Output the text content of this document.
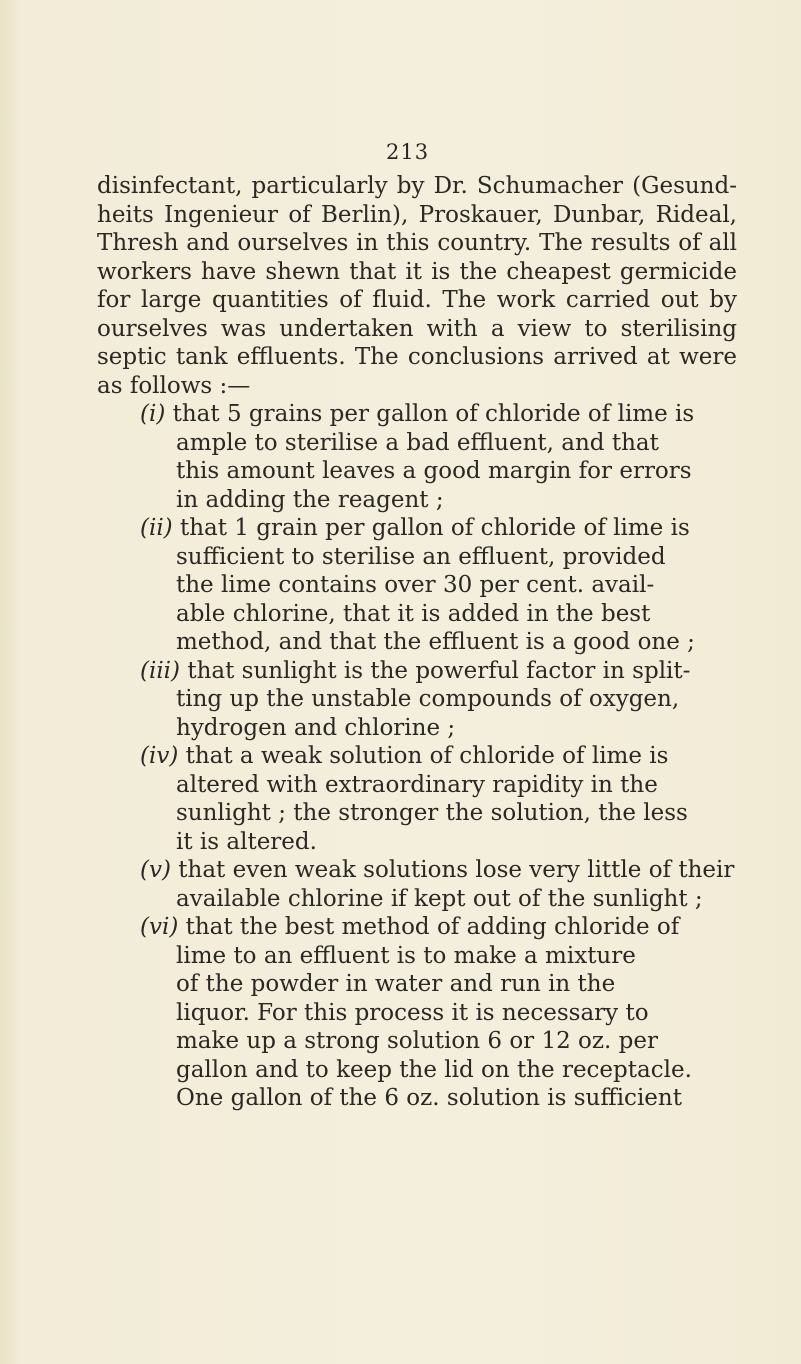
213
disinfectant, particularly by Dr. Schumacher (Gesund-
heits Ingenieur of Berlin), Proskauer, Dunbar, Rideal,
Thresh and ourselves in this country. The results of all
workers have shewn that it is the cheapest germicide
for large quantities of fluid. The work carried out by
ourselves was undertaken with a view to sterilising
septic tank effluents. The conclusions arrived at were
as follows :—
(i) that 5 grains per gallon of chloride of lime is
ample to sterilise a bad effluent, and that
this amount leaves a good margin for errors
in adding the reagent ;
(ii) that 1 grain per gallon of chloride of lime is
sufficient to sterilise an effluent, provided
the lime contains over 30 per cent. avail-
able chlorine, that it is added in the best
method, and that the effluent is a good one ;
(iii) that sunlight is the powerful factor in split-
ting up the unstable compounds of oxygen,
hydrogen and chlorine ;
(iv) that a weak solution of chloride of lime is
altered with extraordinary rapidity in the
sunlight ; the stronger the solution, the less
it is altered.
(v) that even weak solutions lose very little of their
available chlorine if kept out of the sunlight ;
(vi) that the best method of adding chloride of
lime to an effluent is to make a mixture
of the powder in water and run in the
liquor. For this process it is necessary to
make up a strong solution 6 or 12 oz. per
gallon and to keep the lid on the receptacle.
One gallon of the 6 oz. solution is sufficient
